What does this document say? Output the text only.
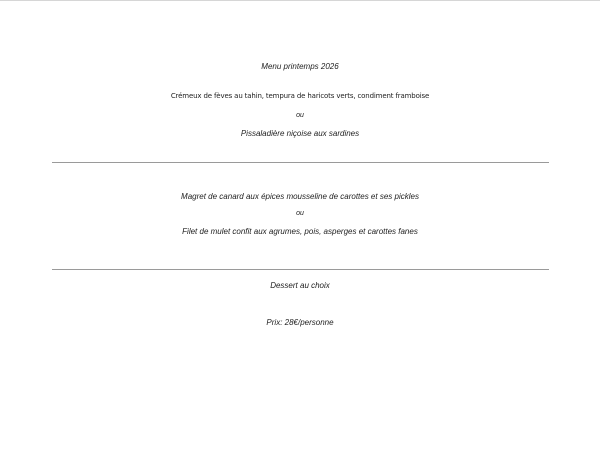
Menu printemps 2026
Crémeux de fèves au tahin, tempura de haricots verts, condiment framboise
ou
Pissaladière niçoise aux sardines
Magret de canard aux épices mousseline de carottes et ses pickles
ou
Filet de mulet confit aux agrumes, pois, asperges et carottes fanes
Dessert au choix
Prix: 28€/personne
